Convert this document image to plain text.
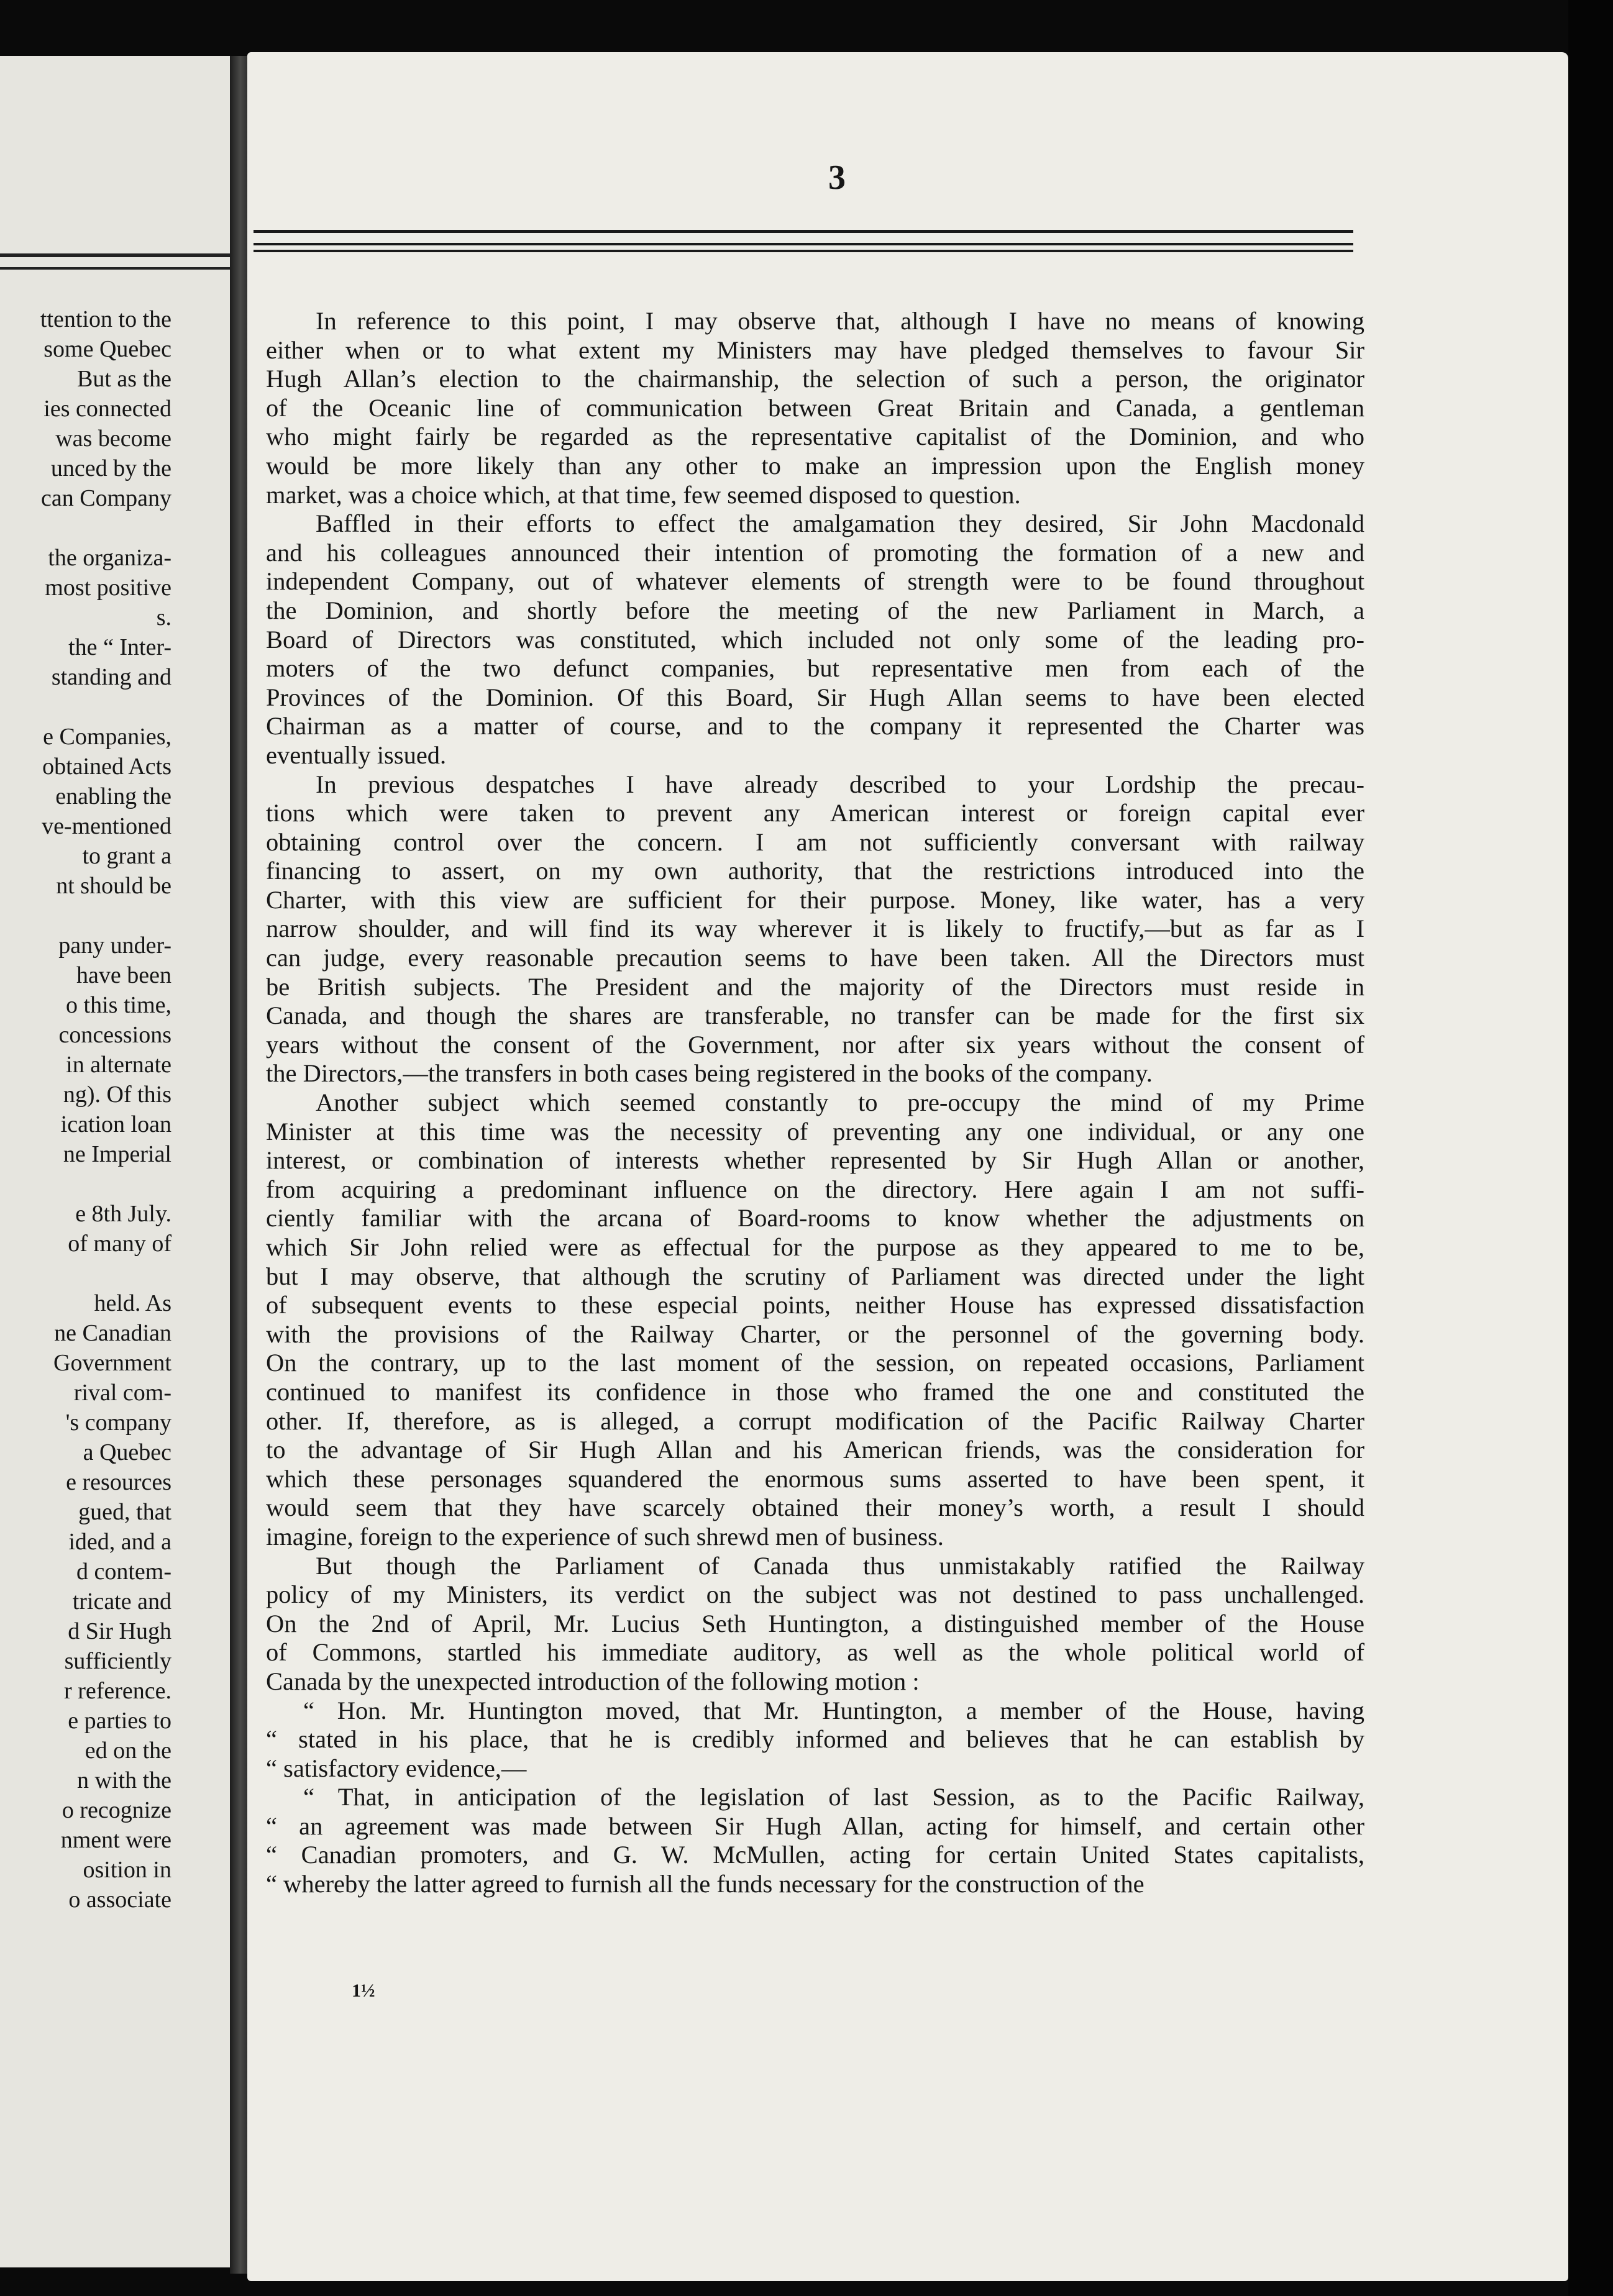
ttention to the
some Quebec
But as the
ies connected
was become
unced by the
can Company
the organiza-
most positive
s.
the “ Inter-
standing and
e Companies,
obtained Acts
enabling the
ve-mentioned
to grant a
nt should be
pany under-
have been
o this time,
concessions
in alternate
ng). Of this
ication loan
ne Imperial
e 8th July.
of many of
held. As
ne Canadian
Government
rival com-
's company
a Quebec
e resources
gued, that
ided, and a
d contem-
tricate and
d Sir Hugh
sufficiently
r reference.
e parties to
ed on the
n with the
o recognize
nment were
osition in
o associate
3
In reference to this point, I may observe that, although I have no means of knowing
either when or to what extent my Ministers may have pledged themselves to favour Sir
Hugh Allan’s election to the chairmanship, the selection of such a person, the originator
of the Oceanic line of communication between Great Britain and Canada, a gentleman
who might fairly be regarded as the representative capitalist of the Dominion, and who
would be more likely than any other to make an impression upon the English money
market, was a choice which, at that time, few seemed disposed to question.
Baffled in their efforts to effect the amalgamation they desired, Sir John Macdonald
and his colleagues announced their intention of promoting the formation of a new and
independent Company, out of whatever elements of strength were to be found throughout
the Dominion, and shortly before the meeting of the new Parliament in March, a
Board of Directors was constituted, which included not only some of the leading pro-
moters of the two defunct companies, but representative men from each of the
Provinces of the Dominion. Of this Board, Sir Hugh Allan seems to have been elected
Chairman as a matter of course, and to the company it represented the Charter was
eventually issued.
In previous despatches I have already described to your Lordship the precau-
tions which were taken to prevent any American interest or foreign capital ever
obtaining control over the concern. I am not sufficiently conversant with railway
financing to assert, on my own authority, that the restrictions introduced into the
Charter, with this view are sufficient for their purpose. Money, like water, has a very
narrow shoulder, and will find its way wherever it is likely to fructify,—but as far as I
can judge, every reasonable precaution seems to have been taken. All the Directors must
be British subjects. The President and the majority of the Directors must reside in
Canada, and though the shares are transferable, no transfer can be made for the first six
years without the consent of the Government, nor after six years without the consent of
the Directors,—the transfers in both cases being registered in the books of the company.
Another subject which seemed constantly to pre-occupy the mind of my Prime
Minister at this time was the necessity of preventing any one individual, or any one
interest, or combination of interests whether represented by Sir Hugh Allan or another,
from acquiring a predominant influence on the directory. Here again I am not suffi-
ciently familiar with the arcana of Board-rooms to know whether the adjustments on
which Sir John relied were as effectual for the purpose as they appeared to me to be,
but I may observe, that although the scrutiny of Parliament was directed under the light
of subsequent events to these especial points, neither House has expressed dissatisfaction
with the provisions of the Railway Charter, or the personnel of the governing body.
On the contrary, up to the last moment of the session, on repeated occasions, Parliament
continued to manifest its confidence in those who framed the one and constituted the
other. If, therefore, as is alleged, a corrupt modification of the Pacific Railway Charter
to the advantage of Sir Hugh Allan and his American friends, was the consideration for
which these personages squandered the enormous sums asserted to have been spent, it
would seem that they have scarcely obtained their money’s worth, a result I should
imagine, foreign to the experience of such shrewd men of business.
But though the Parliament of Canada thus unmistakably ratified the Railway
policy of my Ministers, its verdict on the subject was not destined to pass unchallenged.
On the 2nd of April, Mr. Lucius Seth Huntington, a distinguished member of the House
of Commons, startled his immediate auditory, as well as the whole political world of
Canada by the unexpected introduction of the following motion :
“ Hon. Mr. Huntington moved, that Mr. Huntington, a member of the House, having
“ stated in his place, that he is credibly informed and believes that he can establish by
“ satisfactory evidence,—
“ That, in anticipation of the legislation of last Session, as to the Pacific Railway,
“ an agreement was made between Sir Hugh Allan, acting for himself, and certain other
“ Canadian promoters, and G. W. McMullen, acting for certain United States capitalists,
“ whereby the latter agreed to furnish all the funds necessary for the construction of the
1½
